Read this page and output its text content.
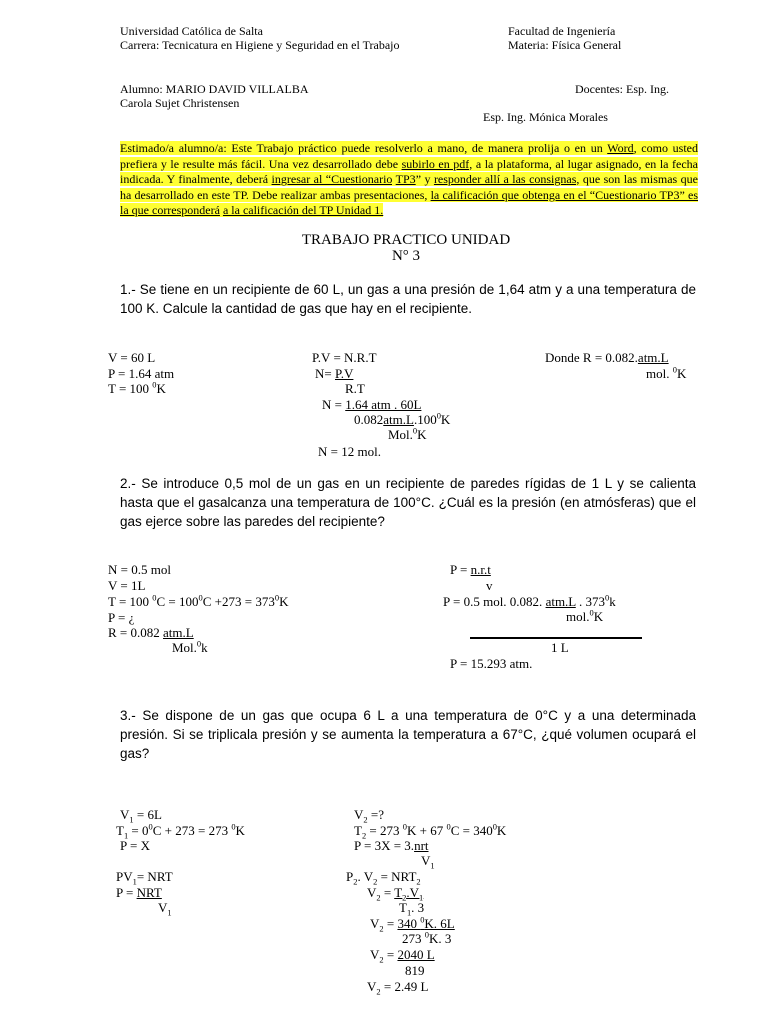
Universidad Católica de Salta
Carrera: Tecnicatura en Higiene y Seguridad en el Trabajo
Facultad de Ingeniería
Materia: Física General
Alumno: MARIO DAVID VILLALBA	Docentes: Esp. Ing.
Carola Sujet Christensen
Esp. Ing. Mónica Morales
Estimado/a alumno/a: Este Trabajo práctico puede resolverlo a mano, de manera prolija o en un Word, como usted prefiera y le resulte más fácil. Una vez desarrollado debe subirlo en pdf, a la plataforma, al lugar asignado, en la fecha indicada. Y finalmente, deberá ingresar al “Cuestionario TP3” y responder allí a las consignas, que son las mismas que ha desarrollado en este TP. Debe realizar ambas presentaciones, la calificación que obtenga en el “Cuestionario TP3” es la que corresponderá a la calificación del TP Unidad 1.
TRABAJO PRACTICO UNIDAD
N° 3
1.- Se tiene en un recipiente de 60 L, un gas a una presión de 1,64 atm y a una temperatura de 100 K. Calcule la cantidad de gas que hay en el recipiente.
V = 60 L
P = 1.64 atm
T = 100 $^0$K
P.V = N.R.T
N= P.V
R.T
N = 1.64 atm . 60L
0.082atm.L.100$^0$K
Mol.$^0$K
N = 12 mol.
Donde R = 0.082.atm.L
mol. $^0$K
2.- Se introduce 0,5 mol de un gas en un recipiente de paredes rígidas de 1 L y se calienta hasta que el gasalcanza una temperatura de 100°C. ¿Cuál es la presión (en atmósferas) que el gas ejerce sobre las paredes del recipiente?
N = 0.5 mol
V = 1L
T = 100 $^0C = 100^0C +273 = 373^0K$
P = ¿
R = 0.082 atm.L
Mol.$^0$k
P = n.r.t
v
P = 0.5 mol. 0.082. atm.L . $373^0k$
mol.$^0$K
1 L
P = 15.293 atm.
3.- Se dispone de un gas que ocupa 6 L a una temperatura de 0°C y a una determinada presión. Si se triplicala presión y se aumenta la temperatura a 67°C, ¿qué volumen ocupará el gas?
$V_1 = 6L$
$T_1 = 0^0C + 273 = 273$ $^0$K
P = X
$PV_1=$ NRT
P = NRT
$V_1$
$V_2$ =?
$T_2 = 273$ $^0$K + 67 $^0C = 340^0K$
P = 3X = 3.nrt
$V_1$
$P_2$. $V_2 = NRT_2$
$V_2 = T_2.V_1$
$T_1$. 3
$V_2 = 340$ $^0$K. 6L
273 $^0$K. 3
$V_2 = 2040$ L
819
$V_2 = 2.49$ L
